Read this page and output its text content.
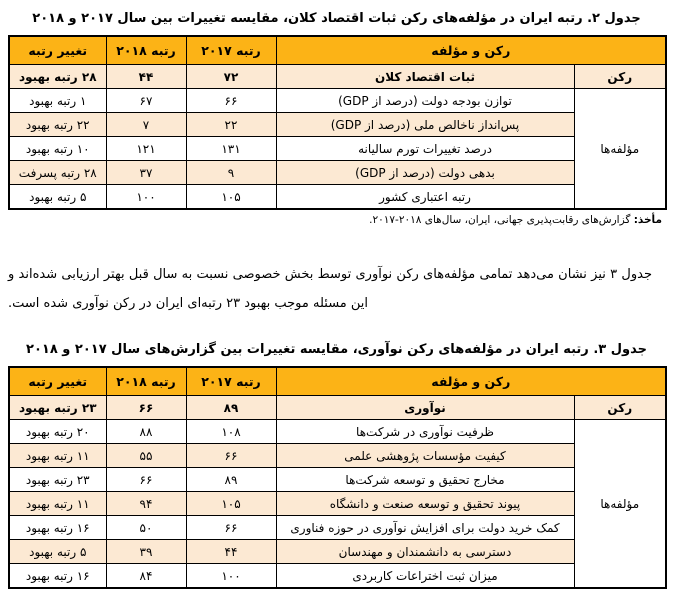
جدول ۲. رتبه ایران در مؤلفه‌های رکن ثبات اقتصاد کلان، مقایسه تغییرات بین سال ۲۰۱۷ و ۲۰۱۸
رکن و مؤلفه		رتبه ۲۰۱۷	رتبه ۲۰۱۸	تغییر رتبه
رکن	ثبات اقتصاد کلان	۷۲	۴۴	۲۸ رتبه بهبود
مؤلفه‌ها	توازن بودجه دولت (درصد از GDP)	۶۶	۶۷	۱ رتبه بهبود
	پس‌انداز ناخالص ملی (درصد از GDP)	۲۲	۷	۲۲ رتبه بهبود
	درصد تغییرات تورم سالیانه	۱۳۱	۱۲۱	۱۰ رتبه بهبود
	بدهی دولت (درصد از GDP)	۹	۳۷	۲۸ رتبه پسرفت
	رتبه اعتباری کشور	۱۰۵	۱۰۰	۵ رتبه بهبود
مأخذ: گزارش‌های رقابت‌پذیری جهانی، ایران، سال‌های ۲۰۱۸-۲۰۱۷.

جدول ۳ نیز نشان می‌دهد تمامی مؤلفه‌های رکن نوآوری توسط بخش خصوصی نسبت به سال قبل بهتر ارزیابی شده‌اند و این مسئله موجب بهبود ۲۳ رتبه‌ای ایران در رکن نوآوری شده است.

جدول ۳. رتبه ایران در مؤلفه‌های رکن نوآوری، مقایسه تغییرات بین گزارش‌های سال ۲۰۱۷ و ۲۰۱۸
رکن و مؤلفه		رتبه ۲۰۱۷	رتبه ۲۰۱۸	تغییر رتبه
رکن	نوآوری	۸۹	۶۶	۲۳ رتبه بهبود
مؤلفه‌ها	ظرفیت نوآوری در شرکت‌ها	۱۰۸	۸۸	۲۰ رتبه بهبود
	کیفیت مؤسسات پژوهشی علمی	۶۶	۵۵	۱۱ رتبه بهبود
	مخارج تحقیق و توسعه شرکت‌ها	۸۹	۶۶	۲۳ رتبه بهبود
	پیوند تحقیق و توسعه صنعت و دانشگاه	۱۰۵	۹۴	۱۱ رتبه بهبود
	کمک خرید دولت برای افزایش نوآوری در حوزه فناوری	۶۶	۵۰	۱۶ رتبه بهبود
	دسترسی به دانشمندان و مهندسان	۴۴	۳۹	۵ رتبه بهبود
	میزان ثبت اختراعات کاربردی	۱۰۰	۸۴	۱۶ رتبه بهبود
